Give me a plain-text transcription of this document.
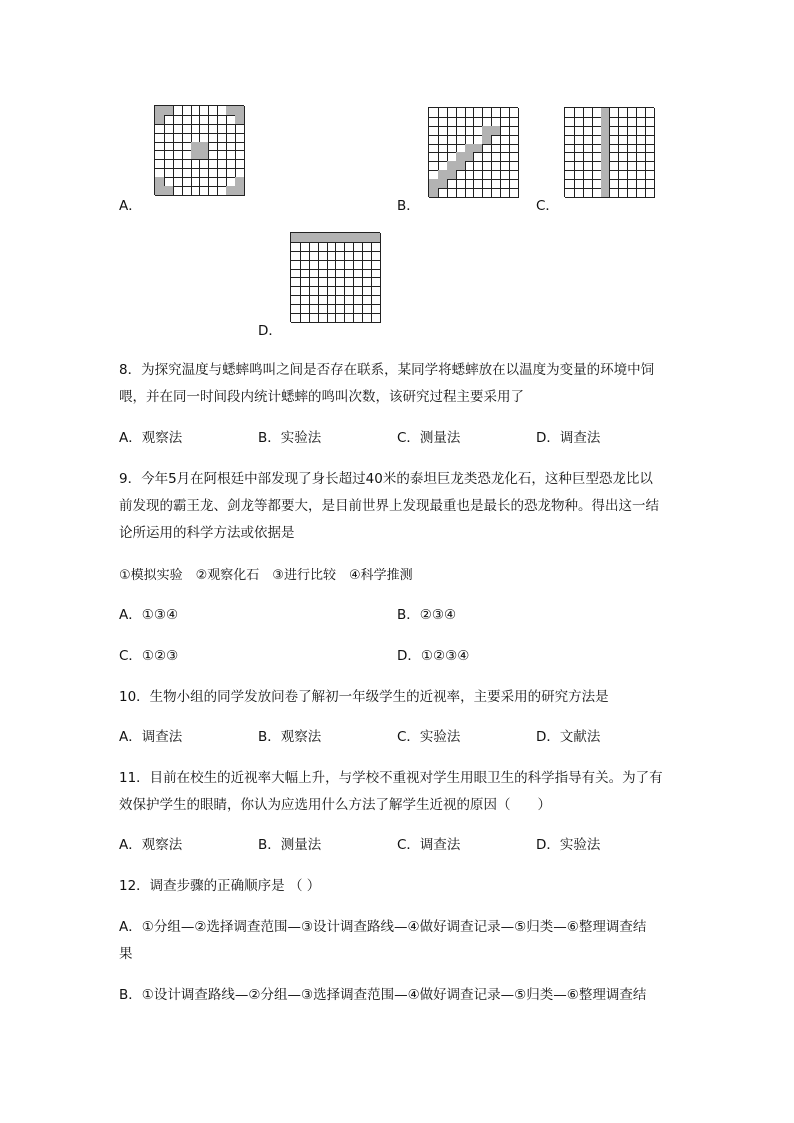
A．	B．	C．
D．
8．为探究温度与蟋蟀鸣叫之间是否存在联系，某同学将蟋蟀放在以温度为变量的环境中饲
喂，并在同一时间段内统计蟋蟀的鸣叫次数，该研究过程主要采用了
A．观察法	B．实验法	C．测量法	D．调查法
9．今年5月在阿根廷中部发现了身长超过40米的泰坦巨龙类恐龙化石，这种巨型恐龙比以
前发现的霸王龙、剑龙等都要大，是目前世界上发现最重也是最长的恐龙物种。得出这一结
论所运用的科学方法或依据是
①模拟实验　②观察化石　③进行比较　④科学推测
A．①③④	B．②③④
C．①②③	D．①②③④
10．生物小组的同学发放问卷了解初一年级学生的近视率，主要采用的研究方法是
A．调查法	B．观察法	C．实验法	D．文献法
11．目前在校生的近视率大幅上升，与学校不重视对学生用眼卫生的科学指导有关。为了有
效保护学生的眼睛，你认为应选用什么方法了解学生近视的原因（　　）
A．观察法	B．测量法	C．调查法	D．实验法
12．调查步骤的正确顺序是 （ ）
A．①分组—②选择调查范围—③设计调查路线—④做好调查记录—⑤归类—⑥整理调查结
果
B．①设计调查路线—②分组—③选择调查范围—④做好调查记录—⑤归类—⑥整理调查结
